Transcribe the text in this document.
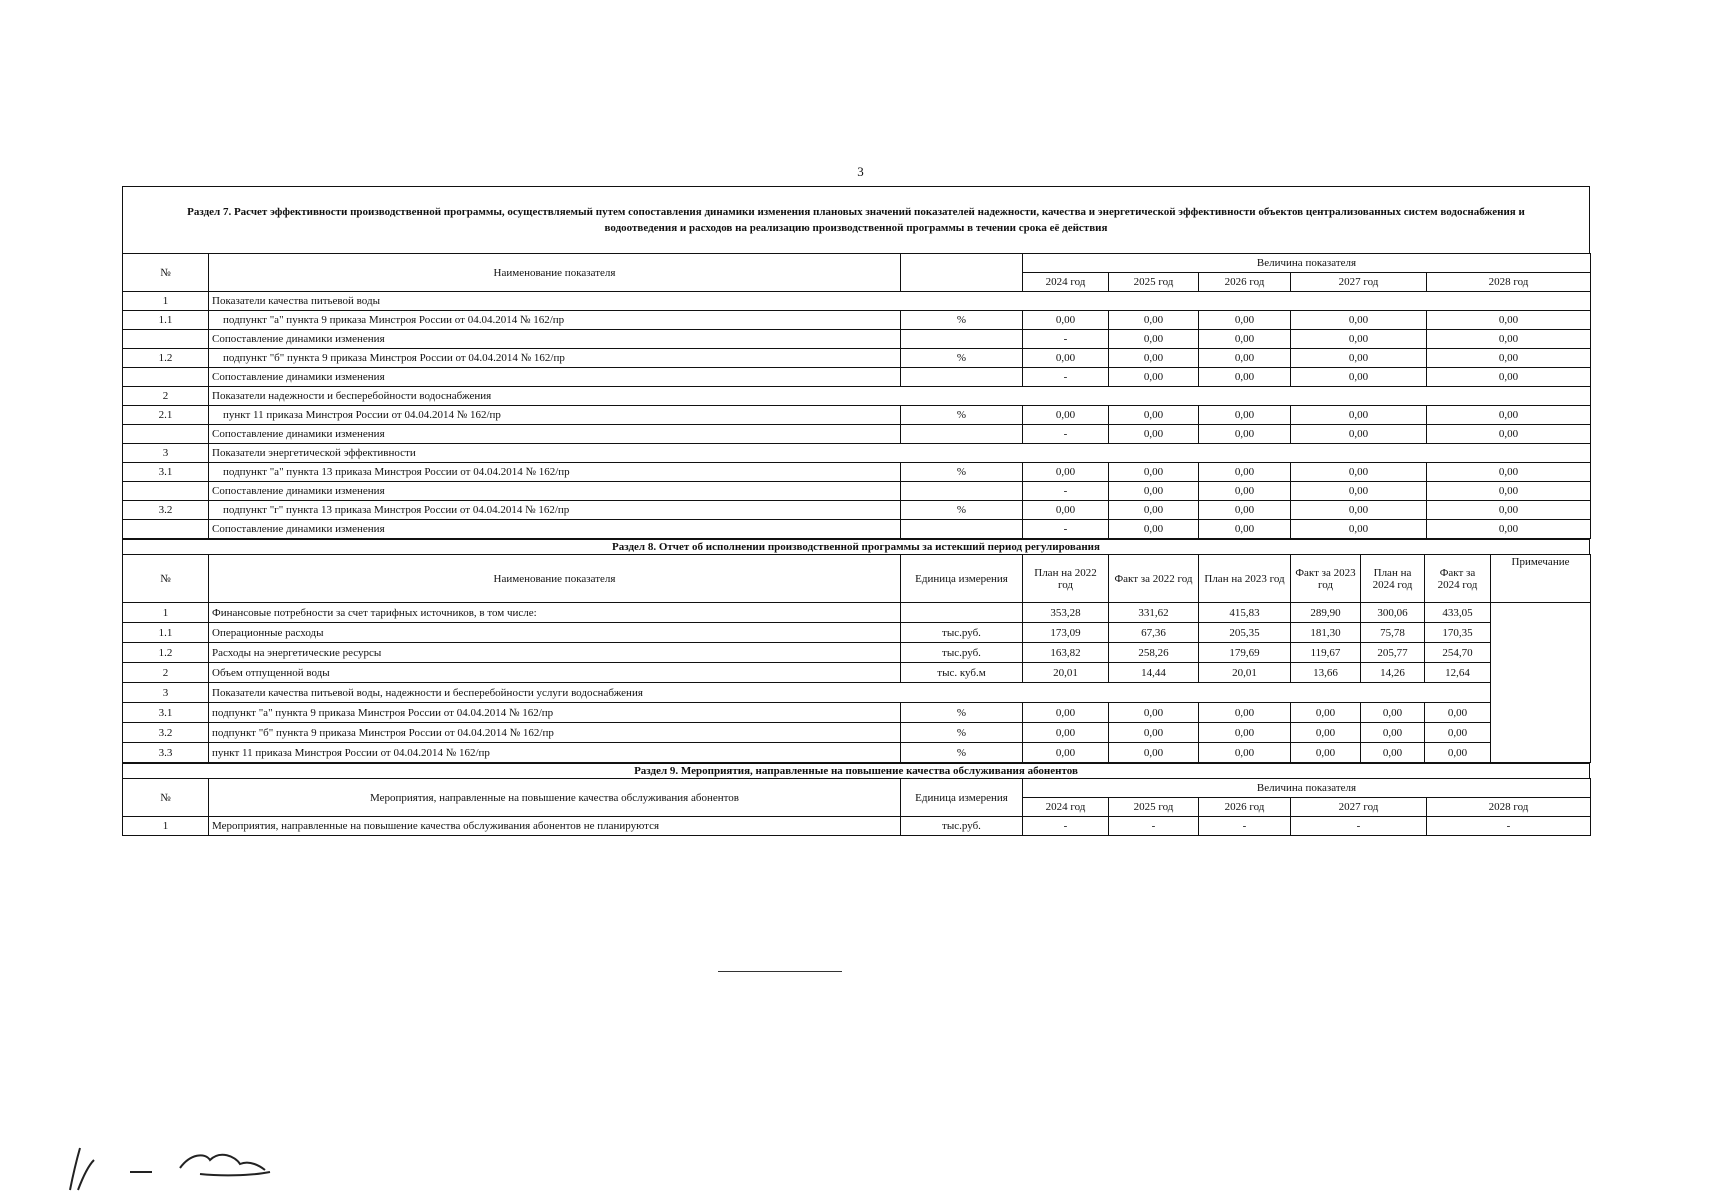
3
Раздел 7. Расчет эффективности производственной программы, осуществляемый путем сопоставления динамики изменения плановых значений показателей надежности, качества и энергетической эффективности объектов централизованных систем водоснабжения и водоотведения и расходов на реализацию производственной программы в течении срока её действия
№	Наименование показателя		Величина показателя				
			2024 год	2025 год	2026 год	2027 год	2028 год
1	Показатели качества питьевой воды						
1.1	подпункт "а" пункта 9 приказа Минстроя России от 04.04.2014 № 162/пр	%	0,00	0,00	0,00	0,00	0,00
	Сопоставление динамики изменения		-	0,00	0,00	0,00	0,00
1.2	подпункт "б" пункта 9 приказа Минстроя России от 04.04.2014 № 162/пр	%	0,00	0,00	0,00	0,00	0,00
	Сопоставление динамики изменения		-	0,00	0,00	0,00	0,00
2	Показатели надежности и бесперебойности водоснабжения						
2.1	пункт 11 приказа Минстроя России от 04.04.2014 № 162/пр	%	0,00	0,00	0,00	0,00	0,00
	Сопоставление динамики изменения		-	0,00	0,00	0,00	0,00
3	Показатели энергетической эффективности						
3.1	подпункт "а" пункта 13 приказа Минстроя России от 04.04.2014 № 162/пр	%	0,00	0,00	0,00	0,00	0,00
	Сопоставление динамики изменения		-	0,00	0,00	0,00	0,00
3.2	подпункт "г" пункта 13 приказа Минстроя России от 04.04.2014 № 162/пр	%	0,00	0,00	0,00	0,00	0,00
	Сопоставление динамики изменения		-	0,00	0,00	0,00	0,00
Раздел 8. Отчет об исполнении производственной программы за истекший период регулирования
№	Наименование показателя	Единица измерения	План на 2022 год	Факт за 2022 год	План на 2023 год	Факт за 2023 год	План на 2024 год	Факт за 2024 год	Примечание
1	Финансовые потребности за счет тарифных источников, в том числе:		353,28	331,62	415,83	289,90	300,06	433,05	
1.1	Операционные расходы	тыс.руб.	173,09	67,36	205,35	181,30	75,78	170,35	
1.2	Расходы на энергетические ресурсы	тыс.руб.	163,82	258,26	179,69	119,67	205,77	254,70	
2	Объем отпущенной воды	тыс. куб.м	20,01	14,44	20,01	13,66	14,26	12,64	
3	Показатели качества питьевой воды, надежности и бесперебойности услуги водоснабжения								
3.1	подпункт "а" пункта 9 приказа Минстроя России от 04.04.2014 № 162/пр	%	0,00	0,00	0,00	0,00	0,00	0,00	
3.2	подпункт "б" пункта 9 приказа Минстроя России от 04.04.2014 № 162/пр	%	0,00	0,00	0,00	0,00	0,00	0,00	
3.3	пункт 11 приказа Минстроя России от 04.04.2014 № 162/пр	%	0,00	0,00	0,00	0,00	0,00	0,00	
Раздел 9. Мероприятия, направленные на повышение качества обслуживания абонентов
№	Мероприятия, направленные на повышение качества обслуживания абонентов	Единица измерения	Величина показателя				
			2024 год	2025 год	2026 год	2027 год	2028 год
1	Мероприятия, направленные на повышение качества обслуживания абонентов не планируются	тыс.руб.	-	-	-	-	-
